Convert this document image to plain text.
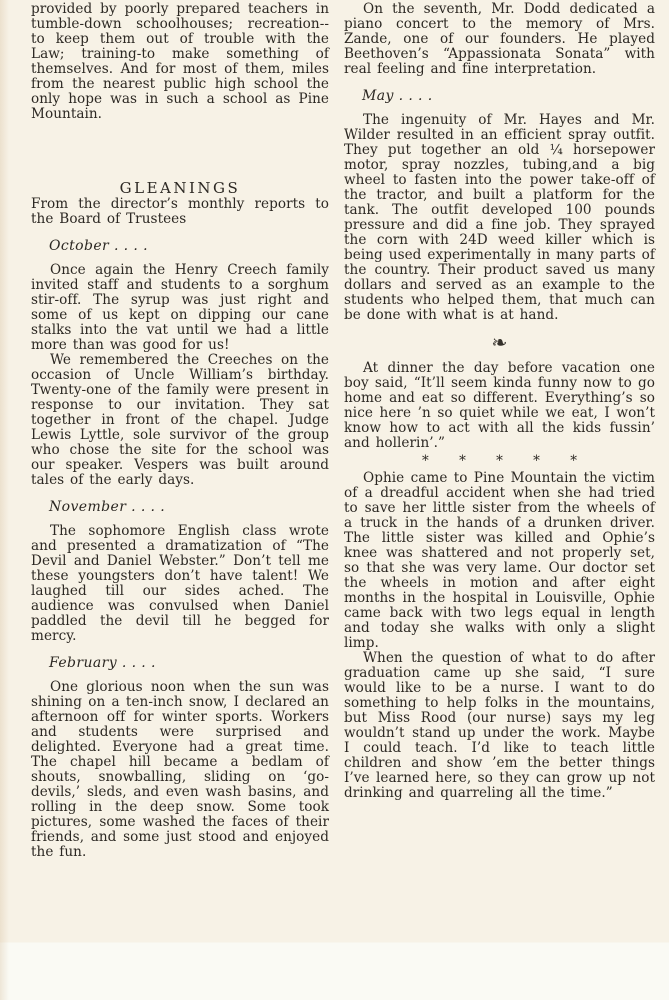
provided by poorly prepared teachers in tumble-down schoolhouses; recreation-- to keep them out of trouble with the Law; training-to make something of themselves. And for most of them, miles from the nearest public high school the only hope was in such a school as Pine Mountain.

GLEANINGS

From the director’s monthly reports to the Board of Trustees

October . . . .

Once again the Henry Creech family invited staff and students to a sorghum stir-off. The syrup was just right and some of us kept on dipping our cane stalks into the vat until we had a little more than was good for us!

We remembered the Creeches on the occasion of Uncle William’s birthday. Twenty-one of the family were present in response to our invitation. They sat together in front of the chapel. Judge Lewis Lyttle, sole survivor of the group who chose the site for the school was our speaker. Vespers was built around tales of the early days.

November . . . .

The sophomore English class wrote and presented a dramatization of “The Devil and Daniel Webster.” Don’t tell me these youngsters don’t have talent! We laughed till our sides ached. The audience was convulsed when Daniel paddled the devil till he begged for mercy.

February . . . .

One glorious noon when the sun was shining on a ten-inch snow, I declared an afternoon off for winter sports. Workers and students were surprised and delighted. Everyone had a great time. The chapel hill became a bedlam of shouts, snowballing, sliding on ‘go-devils,’ sleds, and even wash basins, and rolling in the deep snow. Some took pictures, some washed the faces of their friends, and some just stood and enjoyed the fun.

On the seventh, Mr. Dodd dedicated a piano concert to the memory of Mrs. Zande, one of our founders. He played Beethoven’s “Appassionata Sonata” with real feeling and fine interpretation.

May . . . .

The ingenuity of Mr. Hayes and Mr. Wilder resulted in an efficient spray outfit. They put together an old ¼ horsepower motor, spray nozzles, tubing,and a big wheel to fasten into the power take-off of the tractor, and built a platform for the tank. The outfit developed 100 pounds pressure and did a fine job. They sprayed the corn with 24D weed killer which is being used experimentally in many parts of the country. Their product saved us many dollars and served as an example to the students who helped them, that much can be done with what is at hand.

❧

At dinner the day before vacation one boy said, “It’ll seem kinda funny now to go home and eat so different. Everything’s so nice here ’n so quiet while we eat, I won’t know how to act with all the kids fussin’ and hollerin’.”

* * * * *

Ophie came to Pine Mountain the victim of a dreadful accident when she had tried to save her little sister from the wheels of a truck in the hands of a drunken driver. The little sister was killed and Ophie’s knee was shattered and not properly set, so that she was very lame. Our doctor set the wheels in motion and after eight months in the hospital in Louisville, Ophie came back with two legs equal in length and today she walks with only a slight limp.

When the question of what to do after graduation came up she said, “I sure would like to be a nurse. I want to do something to help folks in the mountains, but Miss Rood (our nurse) says my leg wouldn’t stand up under the work. Maybe I could teach. I’d like to teach little children and show ’em the better things I’ve learned here, so they can grow up not drinking and quarreling all the time.”
